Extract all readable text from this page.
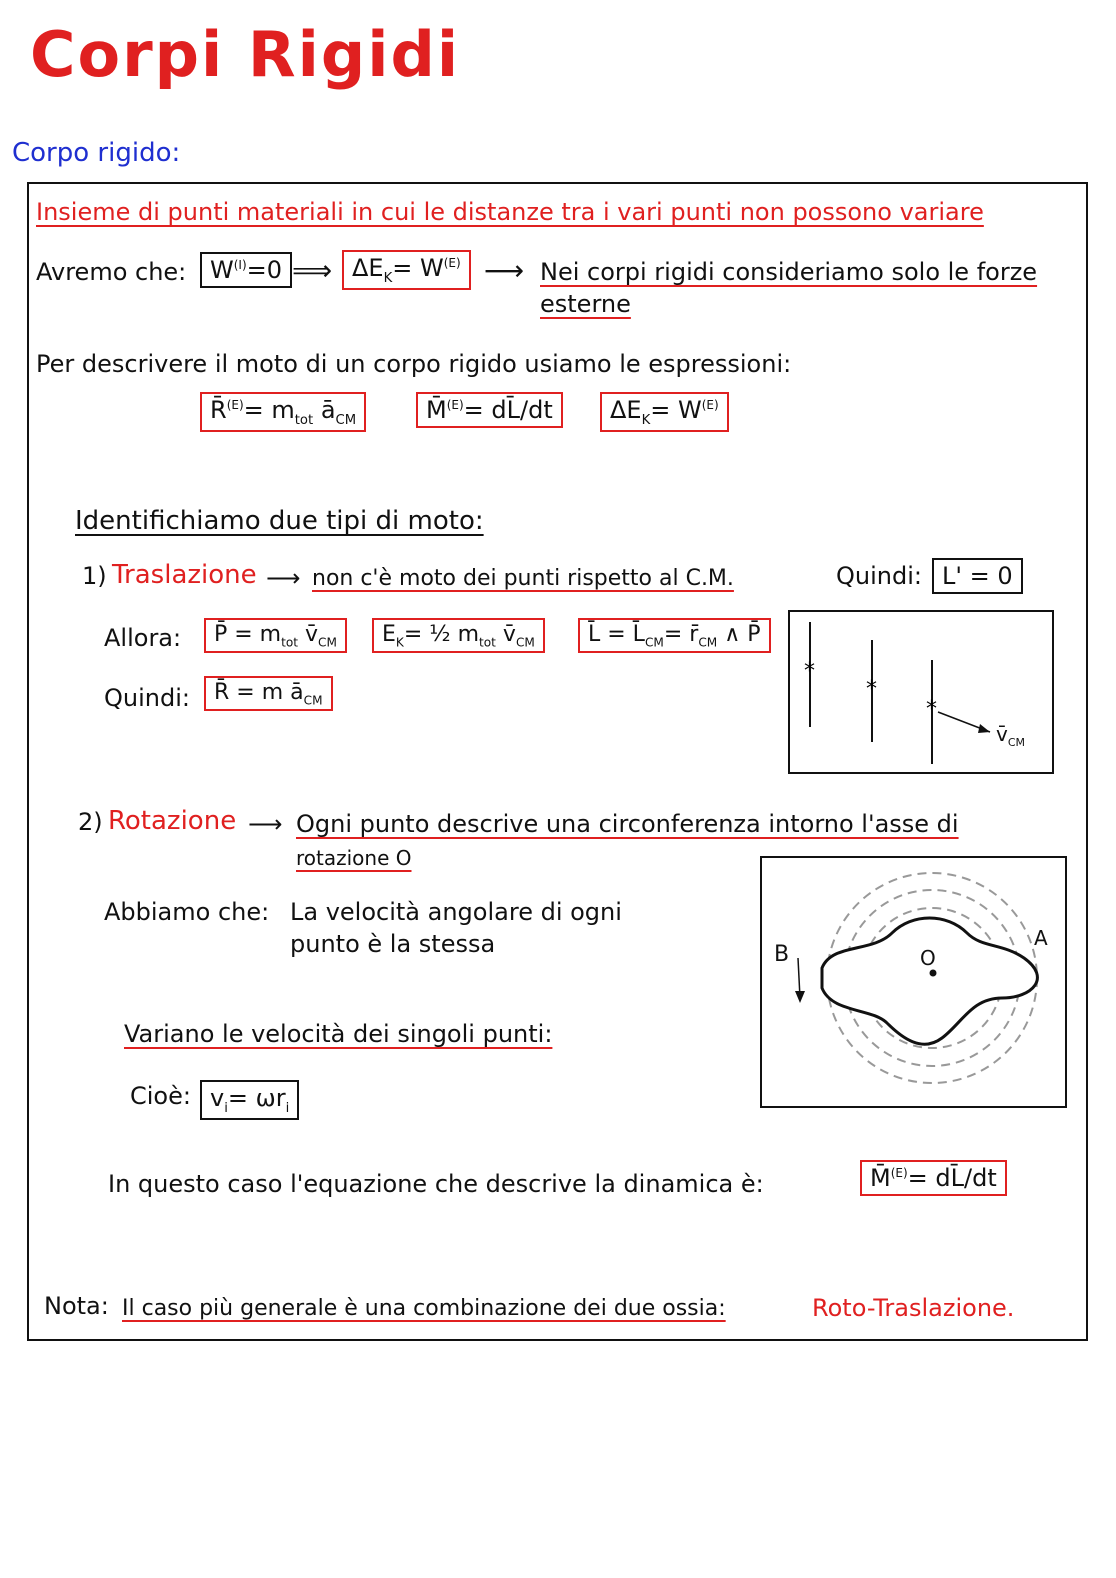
Corpi Rigidi
Corpo rigido:
Insieme di punti materiali in cui le distanze tra i vari punti non possono variare
Avremo che: $W^{(I)}=0$ ⟹ $\Delta E_K= W^{(E)}$ ⟶ Nei corpi rigidi consideriamo solo le forze
esterne
Per descrivere il moto di un corpo rigido usiamo le espressioni:
R̄$^{(E)}$= $m_{tot}$ $ā_{CM}$	M̄$^{(E)}$= dL̄/dt	$\Delta E_K= W^{(E)}$
Identifichiamo due tipi di moto:
1) Traslazione ⟶ non c'è moto dei punti rispetto al C.M.	Quindi: L' = 0
Allora:	P̄ = $m_{tot}$ $v̄_{CM}$	$E_K=$ ½ $m_{tot}$ $v̄_{CM}$	L̄ = $L̄_{CM}=$ $r̄_{CM}$ ∧ P̄
Quindi:	R̄ = m $ā_{CM}$
*
*
*
$v̄_{CM}$
2) Rotazione ⟶ Ogni punto descrive una circonferenza intorno l'asse di
rotazione O
Abbiamo che: La velocità angolare di ogni
punto è la stessa
Variano le velocità dei singoli punti:
Cioè: $v_i= \omega r_i$
O
A
B
In questo caso l'equazione che descrive la dinamica è:	M̄$^{(E)}$= dL̄/dt
Nota: Il caso più generale è una combinazione dei due ossia:	Roto-Traslazione.
